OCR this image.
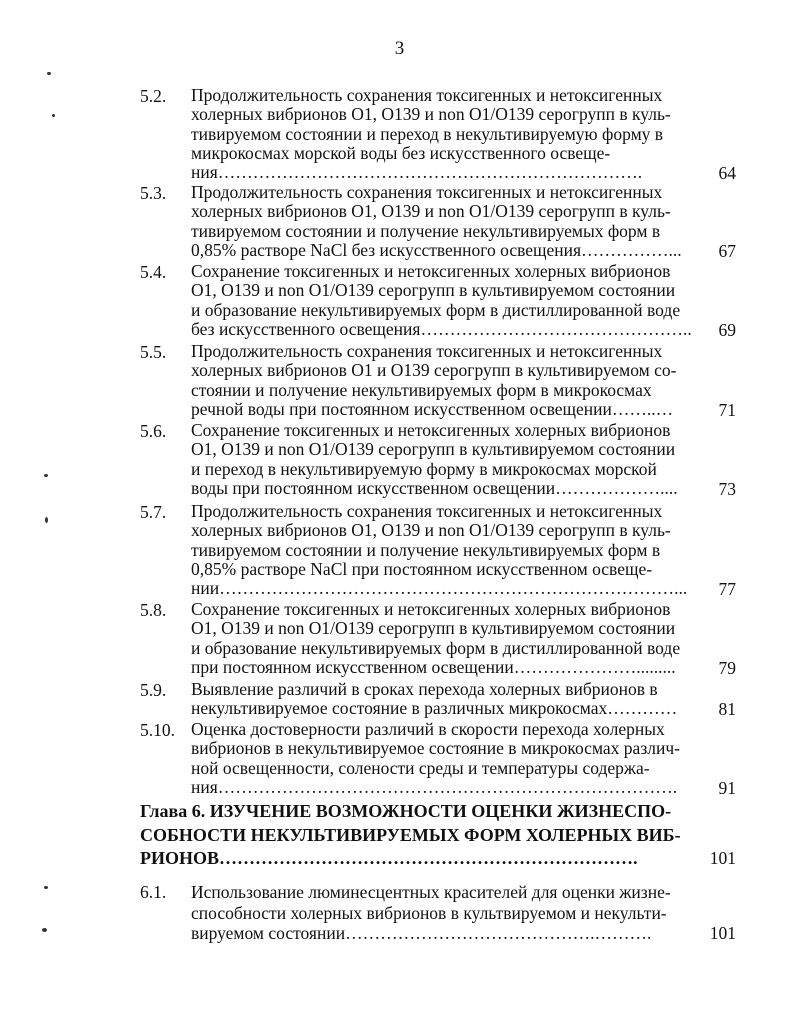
3
5.2. Продолжительность сохранения токсигенных и нетоксигенных
холерных вибрионов O1, O139 и non O1/O139 серогрупп в куль-
тивируемом состоянии и переход в некультивируемую форму в
микрокосмах морской воды без искусственного освеще-
ния……………………………………………………………….	64
5.3. Продолжительность сохранения токсигенных и нетоксигенных
холерных вибрионов O1, O139 и non O1/O139 серогрупп в куль-
тивируемом состоянии и получение некультивируемых форм в
0,85% растворе NaCl без искусственного освещения……………... 67
5.4. Сохранение токсигенных и нетоксигенных холерных вибрионов
O1, O139 и non O1/O139 серогрупп в культивируемом состоянии
и образование некультивируемых форм в дистиллированной воде
без искусственного освещения……………………………………….. 69
5.5. Продолжительность сохранения токсигенных и нетоксигенных
холерных вибрионов O1 и O139 серогрупп в культивируемом со-
стоянии и получение некультивируемых форм в микрокосмах
речной воды при постоянном искусственном освещении……..…	71
5.6. Сохранение токсигенных и нетоксигенных холерных вибрионов
O1, O139 и non O1/O139 серогрупп в культивируемом состоянии
и переход в некультивируемую форму в микрокосмах морской
воды при постоянном искусственном освещении……………….... 73
5.7. Продолжительность сохранения токсигенных и нетоксигенных
холерных вибрионов O1, O139 и non O1/O139 серогрупп в куль-
тивируемом состоянии и получение некультивируемых форм в
0,85% растворе NaCl при постоянном искусственном освеще-
нии……………………………………………………………………... 77
5.8. Сохранение токсигенных и нетоксигенных холерных вибрионов
O1, O139 и non O1/O139 серогрупп в культивируемом состоянии
и образование некультивируемых форм в дистиллированной воде
при постоянном искусственном освещении…………………......... 79
5.9. Выявление различий в сроках перехода холерных вибрионов в
некультивируемое состояние в различных микрокосмах………… 81
5.10. Оценка достоверности различий в скорости перехода холерных
вибрионов в некультивируемое состояние в микрокосмах различ-
ной освещенности, солености среды и температуры содержа-
ния……………………………………………………………………. 91
Глава 6. ИЗУЧЕНИЕ ВОЗМОЖНОСТИ ОЦЕНКИ ЖИЗНЕСПО-
СОБНОСТИ НЕКУЛЬТИВИРУЕМЫХ ФОРМ ХОЛЕРНЫХ ВИБ-
РИОНОВ…………………………………………………………….	101
6.1. Использование люминесцентных красителей для оценки жизне-
способности холерных вибрионов в культвируемом и некульти-
вируемом состоянии…………………………………….……….	101
